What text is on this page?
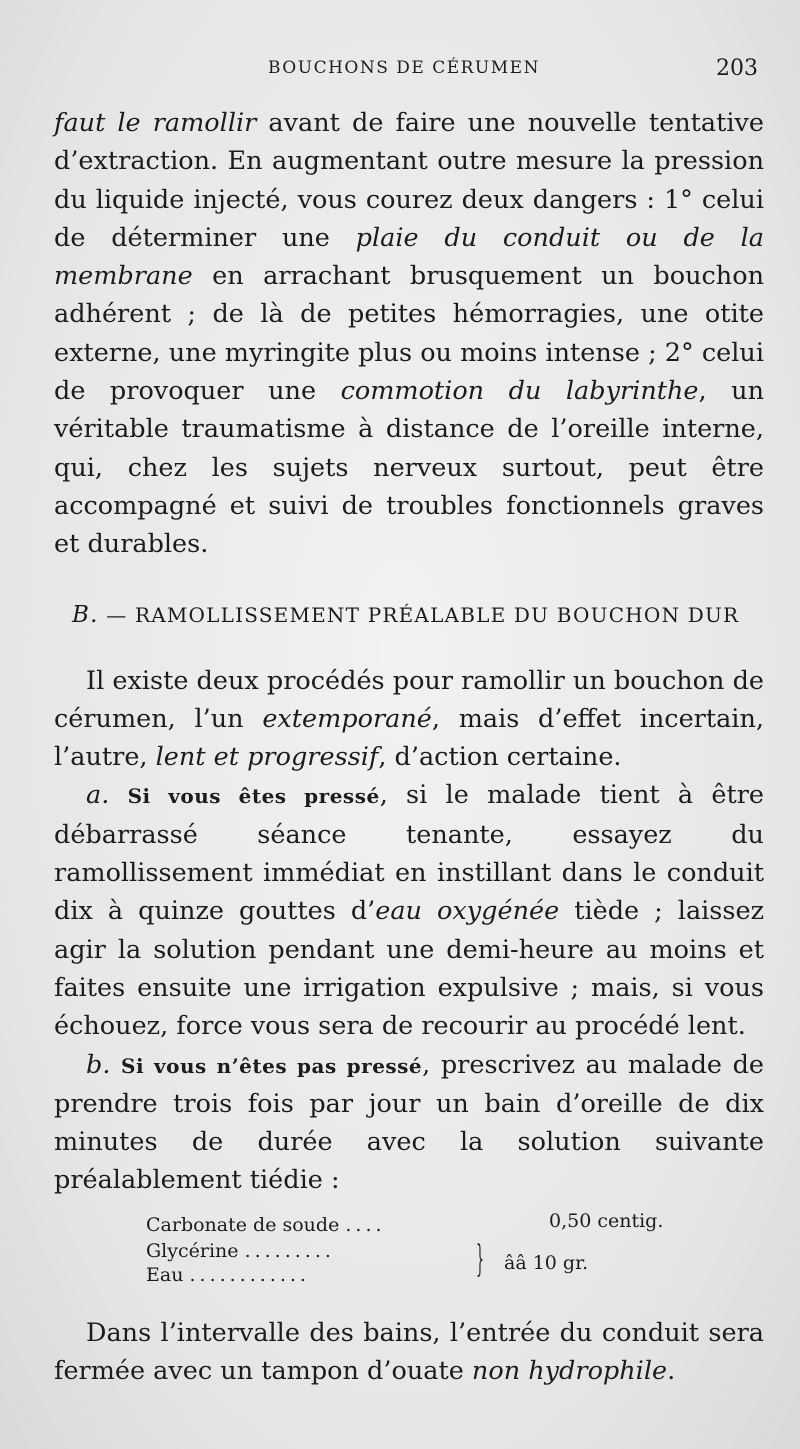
BOUCHONS DE CÉRUMEN	203

faut le ramollir avant de faire une nouvelle tentative d’extraction. En augmentant outre mesure la pression du liquide injecté, vous courez deux dangers : 1° celui de déterminer une plaie du conduit ou de la membrane en arrachant brusquement un bouchon adhérent ; de là de petites hémorragies, une otite externe, une myringite plus ou moins intense ; 2° celui de provoquer une commotion du labyrinthe, un véritable traumatisme à distance de l’oreille interne, qui, chez les sujets nerveux surtout, peut être accompagné et suivi de troubles fonctionnels graves et durables.

B. — RAMOLLISSEMENT PRÉALABLE DU BOUCHON DUR

Il existe deux procédés pour ramollir un bouchon de cérumen, l’un extemporané, mais d’effet incertain, l’autre, lent et progressif, d’action certaine.

a. Si vous êtes pressé, si le malade tient à être débarrassé séance tenante, essayez du ramollissement immédiat en instillant dans le conduit dix à quinze gouttes d’eau oxygénée tiède ; laissez agir la solution pendant une demi-heure au moins et faites ensuite une irrigation expulsive ; mais, si vous échouez, force vous sera de recourir au procédé lent.

b. Si vous n’êtes pas pressé, prescrivez au malade de prendre trois fois par jour un bain d’oreille de dix minutes de durée avec la solution suivante préalablement tiédie :

Carbonate de soude ....	0,50 centig.
Glycérine .........
Eau ............	} ââ 10 gr.

Dans l’intervalle des bains, l’entrée du conduit sera fermée avec un tampon d’ouate non hydrophile.
